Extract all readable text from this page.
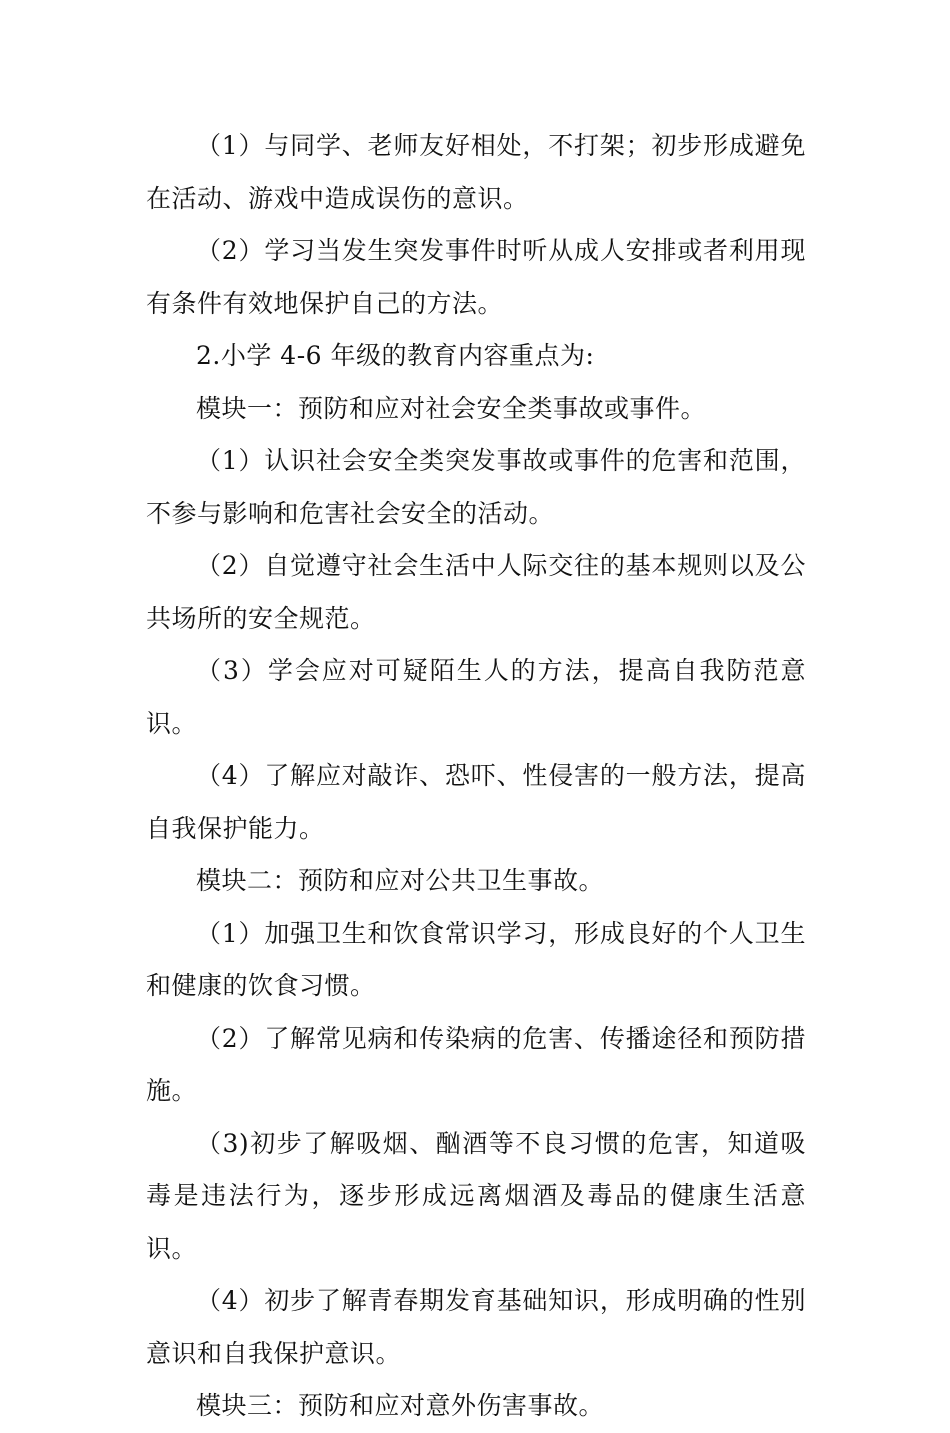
（1）与同学、老师友好相处，不打架；初步形成避免在活动、游戏中造成误伤的意识。

（2）学习当发生突发事件时听从成人安排或者利用现有条件有效地保护自己的方法。

2.小学 4-6 年级的教育内容重点为:

模块一：预防和应对社会安全类事故或事件。

（1）认识社会安全类突发事故或事件的危害和范围，不参与影响和危害社会安全的活动。

（2）自觉遵守社会生活中人际交往的基本规则以及公共场所的安全规范。

（3）学会应对可疑陌生人的方法，提高自我防范意识。

（4）了解应对敲诈、恐吓、性侵害的一般方法，提高自我保护能力。

模块二：预防和应对公共卫生事故。

（1）加强卫生和饮食常识学习，形成良好的个人卫生和健康的饮食习惯。

（2）了解常见病和传染病的危害、传播途径和预防措施。

（3)初步了解吸烟、酗酒等不良习惯的危害，知道吸毒是违法行为，逐步形成远离烟酒及毒品的健康生活意识。

（4）初步了解青春期发育基础知识，形成明确的性别意识和自我保护意识。

模块三：预防和应对意外伤害事故。
